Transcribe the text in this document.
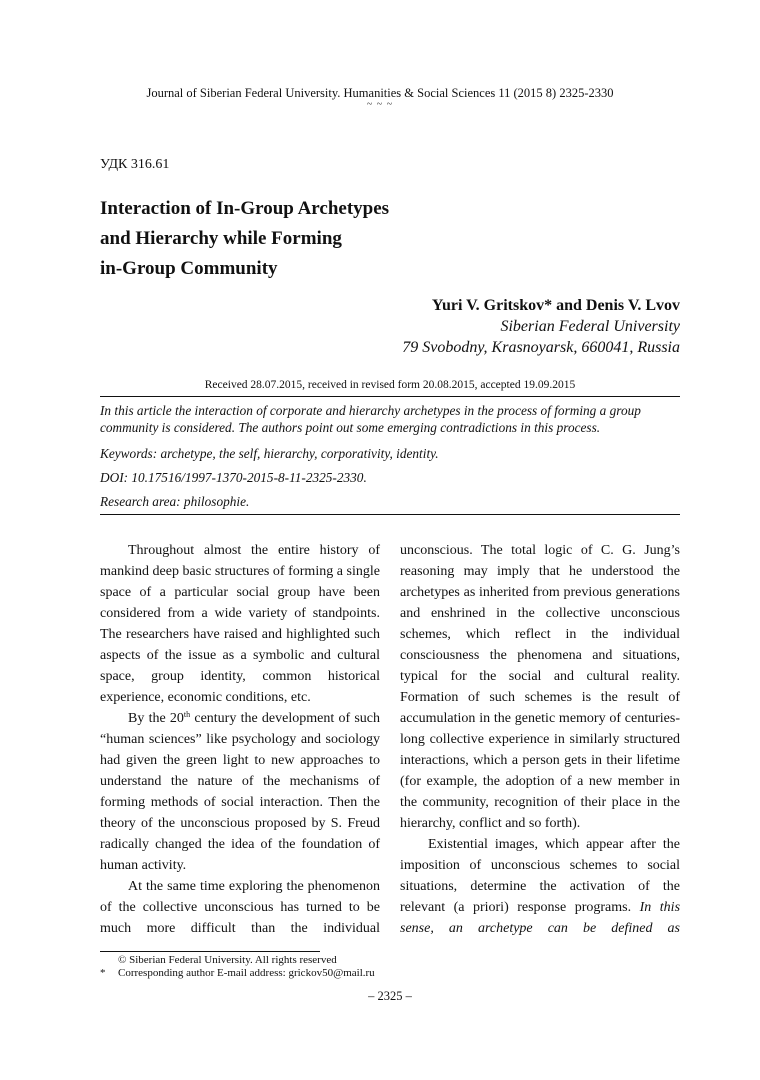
Journal of Siberian Federal University. Humanities & Social Sciences 11 (2015 8) 2325-2330
~ ~ ~
УДК 316.61
Interaction of In-Group Archetypes
and Hierarchy while Forming
in-Group Community
Yuri V. Gritskov* and Denis V. Lvov
Siberian Federal University
79 Svobodny, Krasnoyarsk, 660041, Russia
Received 28.07.2015, received in revised form 20.08.2015, accepted 19.09.2015

In this article the interaction of corporate and hierarchy archetypes in the process of forming a group community is considered. The authors point out some emerging contradictions in this process.

Keywords: archetype, the self, hierarchy, corporativity, identity.

DOI: 10.17516/1997-1370-2015-8-11-2325-2330.

Research area: philosophie.

Throughout almost the entire history of mankind deep basic structures of forming a single space of a particular social group have been considered from a wide variety of standpoints. The researchers have raised and highlighted such aspects of the issue as a symbolic and cultural space, group identity, common historical experience, economic conditions, etc.

By the 20th century the development of such “human sciences” like psychology and sociology had given the green light to new approaches to understand the nature of the mechanisms of forming methods of social interaction. Then the theory of the unconscious proposed by S. Freud radically changed the idea of the foundation of human activity.

At the same time exploring the phenomenon of the collective unconscious has turned to be much more difficult than the individual

unconscious. The total logic of C. G. Jung’s reasoning may imply that he understood the archetypes as inherited from previous generations and enshrined in the collective unconscious schemes, which reflect in the individual consciousness the phenomena and situations, typical for the social and cultural reality. Formation of such schemes is the result of accumulation in the genetic memory of centuries-long collective experience in similarly structured interactions, which a person gets in their lifetime (for example, the adoption of a new member in the community, recognition of their place in the hierarchy, conflict and so forth).

Existential images, which appear after the imposition of unconscious schemes to social situations, determine the activation of the relevant (a priori) response programs. In this sense, an archetype can be defined as

© Siberian Federal University. All rights reserved
* Corresponding author E-mail address: grickov50@mail.ru
– 2325 –
